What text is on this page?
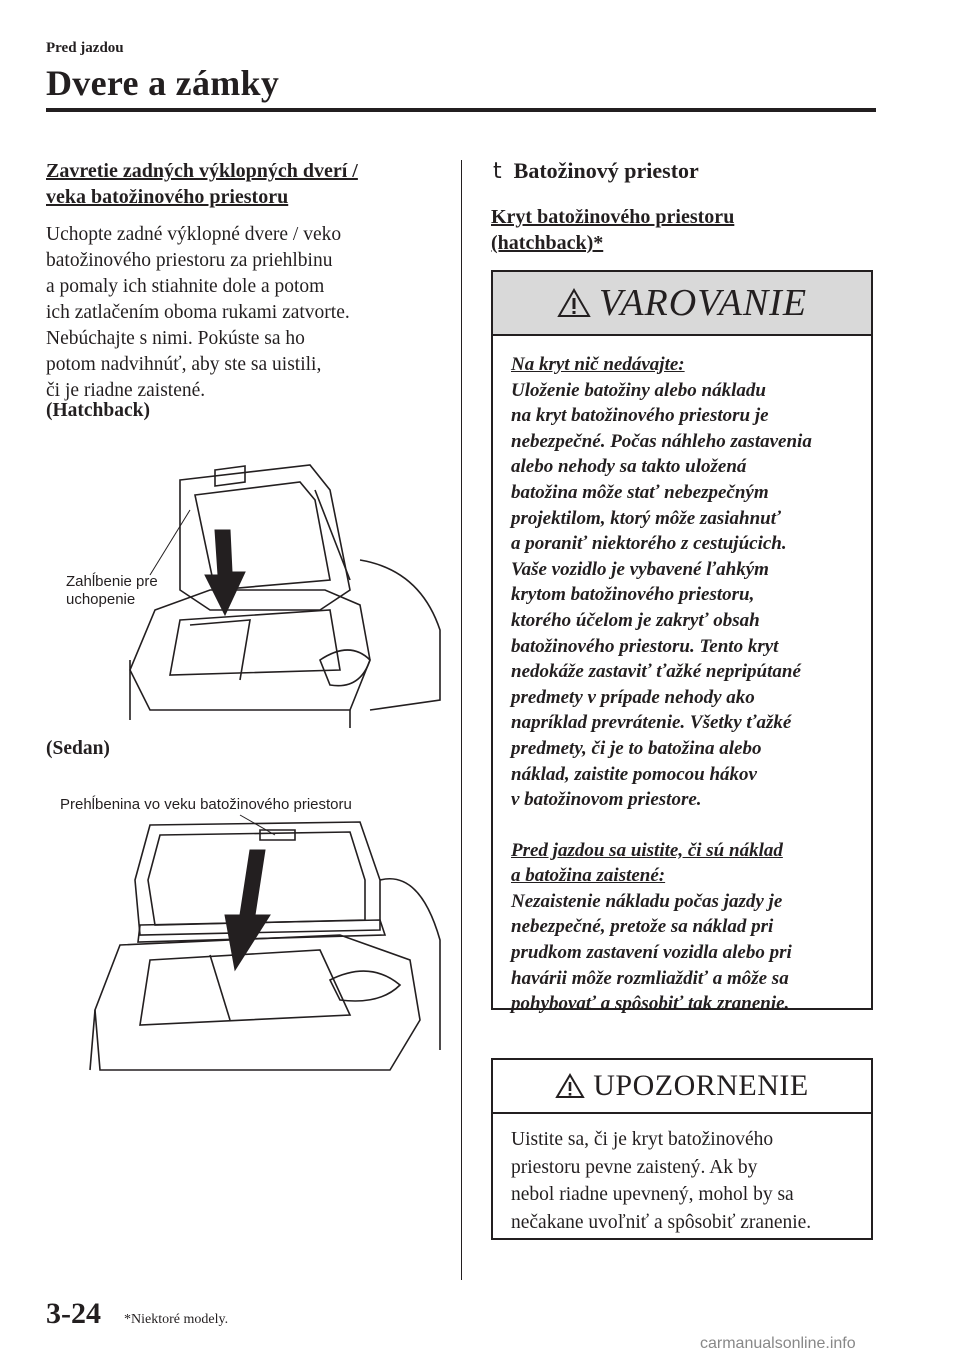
Pred jazdou
Dvere a zámky
Zavretie zadných výklopných dverí /
veka batožinového priestoru
Uchopte zadné výklopné dvere / veko
batožinového priestoru za priehlbinu
a pomaly ich stiahnite dole a potom
ich zatlačením oboma rukami zatvorte.
Nebúchajte s nimi. Pokúste sa ho
potom nadvihnúť, aby ste sa uistili,
či je riadne zaistené.
(Hatchback)
Zahĺbenie pre
uchopenie
(Sedan)
Prehĺbenina vo veku batožinového priestoru
t Batožinový priestor
Kryt batožinového priestoru
(hatchback)*
VAROVANIE
Na kryt nič nedávajte:
Uloženie batožiny alebo nákladu
na kryt batožinového priestoru je
nebezpečné. Počas náhleho zastavenia
alebo nehody sa takto uložená
batožina môže stať nebezpečným
projektilom, ktorý môže zasiahnuť
a poraniť niektorého z cestujúcich.
Vaše vozidlo je vybavené ľahkým
krytom batožinového priestoru,
ktorého účelom je zakryť obsah
batožinového priestoru. Tento kryt
nedokáže zastaviť ťažké nepripútané
predmety v prípade nehody ako
napríklad prevrátenie. Všetky ťažké
predmety, či je to batožina alebo
náklad, zaistite pomocou hákov
v batožinovom priestore.
Pred jazdou sa uistite, či sú náklad
a batožina zaistené:
Nezaistenie nákladu počas jazdy je
nebezpečné, pretože sa náklad pri
prudkom zastavení vozidla alebo pri
havárii môže rozmliaždiť a môže sa
pohybovať a spôsobiť tak zranenie.
UPOZORNENIE
Uistite sa, či je kryt batožinového
priestoru pevne zaistený. Ak by
nebol riadne upevnený, mohol by sa
nečakane uvoľniť a spôsobiť zranenie.
3-24 *Niektoré modely.
carmanualsonline.info
